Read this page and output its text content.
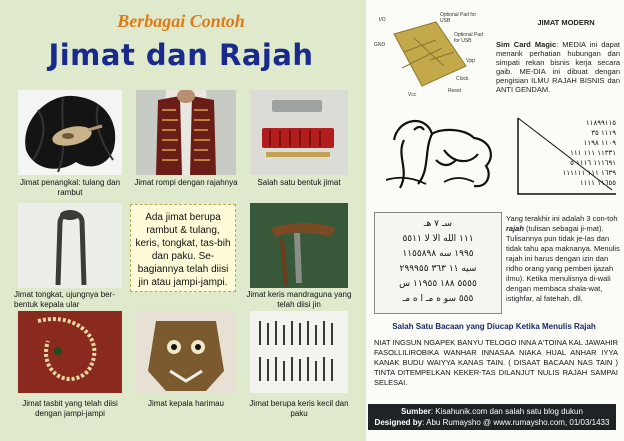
Berbagai Contoh
Jimat dan Rajah
Jimat penangkal: tulang dan rambut
Jimat rompi dengan rajahnya	Salah satu bentuk jimat
Jimat tongkat, ujungnya ber-bentuk kepala ular
Ada jimat berupa rambut & tulang, keris, tongkat, tas-bih dan paku. Se-bagiannya telah diisi jin atau jampi-jampi.
Jimat keris mandraguna yang telah diisi jin
Jimat tasbit yang telah diisi dengan jampi-jampi
Jimat kepala harimau	Jimat berupa keris kecil dan paku
I/O
GND
Optional Pad for USB
Optional Pad for USB
Clock
Reset
Vcc
Vpp
JIMAT MODERN
Sim Card Magic: MEDIA ini dapat menarik perhatian hubungan dan simpati rekan bisnis kerja secara gaib. ME-DIA ini dibuat dengan pengisian ILMU RAJAH BISNIS dan ANTI GENDAM.
١١٨٩٩١١٥
١١١٩ ٣٥
١١٠٩ ١١٩٨
١١٣٣١ ١١١ ١١١
١١١٦٩١ ١١١٦ ٥
١٦٣٩ ١١١ ١١١١١١
١١٦٥٥ ١١١١
سـ ٧ هـ
١١١ الله الا لا ٥٥١١
١٩٩٥ سه ١١٥٥٨٩٨
سيه ١١ ٣٦٣ ٢٩٩٩٥٥
٥٥٥٥ ١٨٨ ١١٩٥٥ س
٥٥٥ سو ه مـ ا ه مـ
Yang terakhir ini adalah 3 con-toh rajah (tulisan sebagai ji-mat). Tulisannya pun tidak je-las dan tidak tahu apa maknanya. Menulis rajah ini harus dengan izin dan ridho orang yang pemberi ijazah ilmu). Ketika menulisnya di-wali dengan membaca shala-wat, istighfar, al fatehah, dll.
Salah Satu Bacaan yang Diucap Ketika Menulis Rajah
NIAT INGSUN NGAPEK BANYU TELOGO INNA A'TOINA KAL JAWAHIR FASOLLILIROBIKA WANHAR INNASAA NIAKA HUAL ANHAR IYYA KANAK BUDU WAIYYA KANAS TAIN. ( DISAAT BACAAN NAS TAIN ) TINTA DITEMPELKAN KEKER-TAS DILANJUT NULIS RAJAH SAMPAI SELESAI.
Sumber: Kisahunik.com dan salah satu blog dukun
Designed by: Abu Rumaysho @ www.rumaysho.com, 01/03/1433
